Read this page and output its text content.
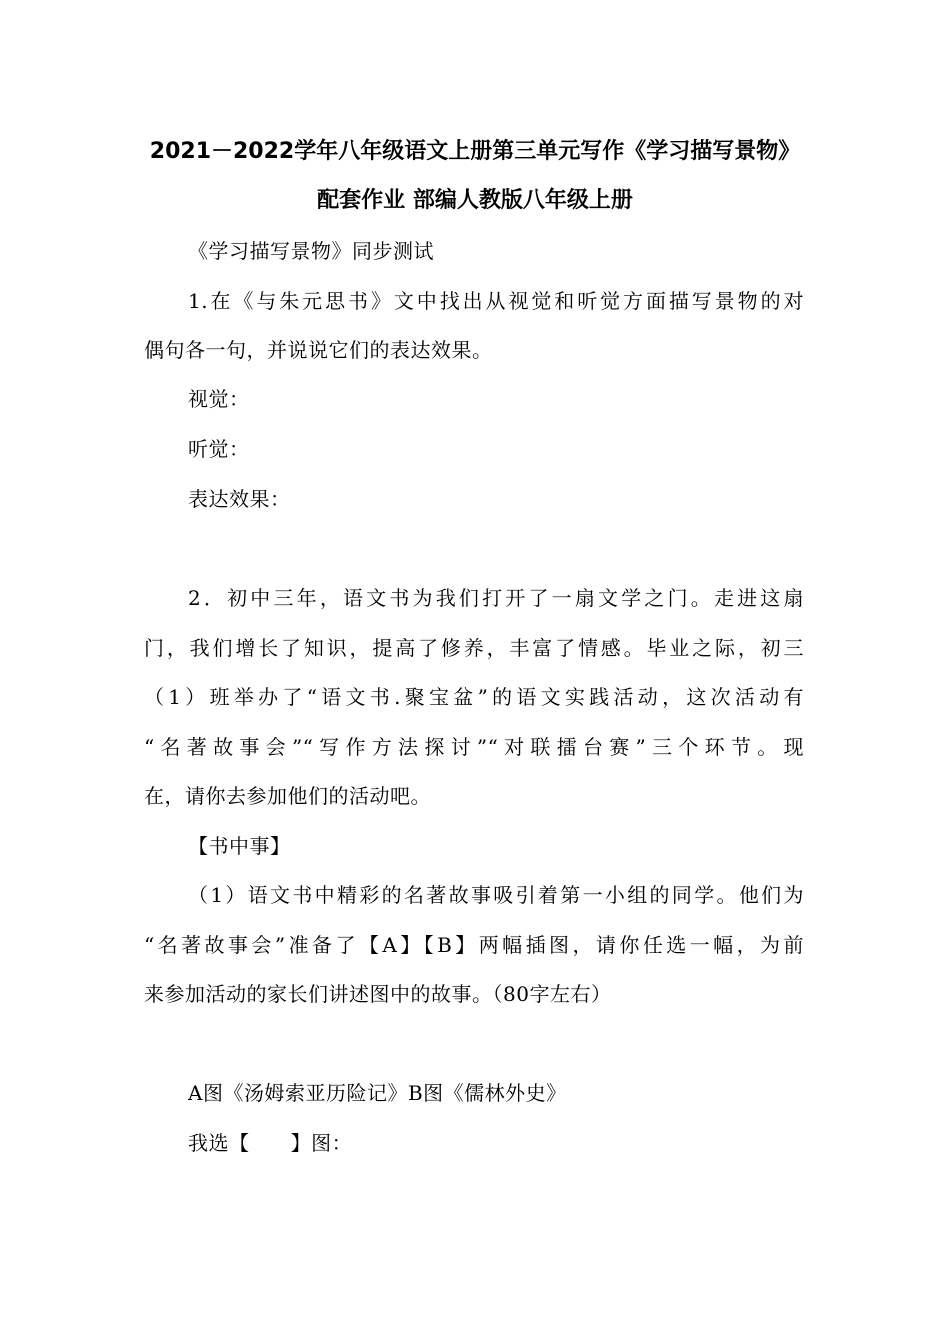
2021－2022学年八年级语文上册第三单元写作《学习描写景物》
配套作业 部编人教版八年级上册
《学习描写景物》同步测试
1.在《与朱元思书》文中找出从视觉和听觉方面描写景物的对
偶句各一句，并说说它们的表达效果。
视觉：
听觉：
表达效果：
2．初中三年，语文书为我们打开了一扇文学之门。走进这扇
门，我们增长了知识，提高了修养，丰富了情感。毕业之际，初三
（1）班举办了“语文书.聚宝盆”的语文实践活动，这次活动有
“名著故事会”“写作方法探讨”“对联擂台赛”三个环节。现
在，请你去参加他们的活动吧。
【书中事】
（1）语文书中精彩的名著故事吸引着第一小组的同学。他们为
“名著故事会”准备了【A】【B】两幅插图，请你任选一幅，为前
来参加活动的家长们讲述图中的故事。（80字左右）
A图《汤姆索亚历险记》B图《儒林外史》
我选【      】图：
